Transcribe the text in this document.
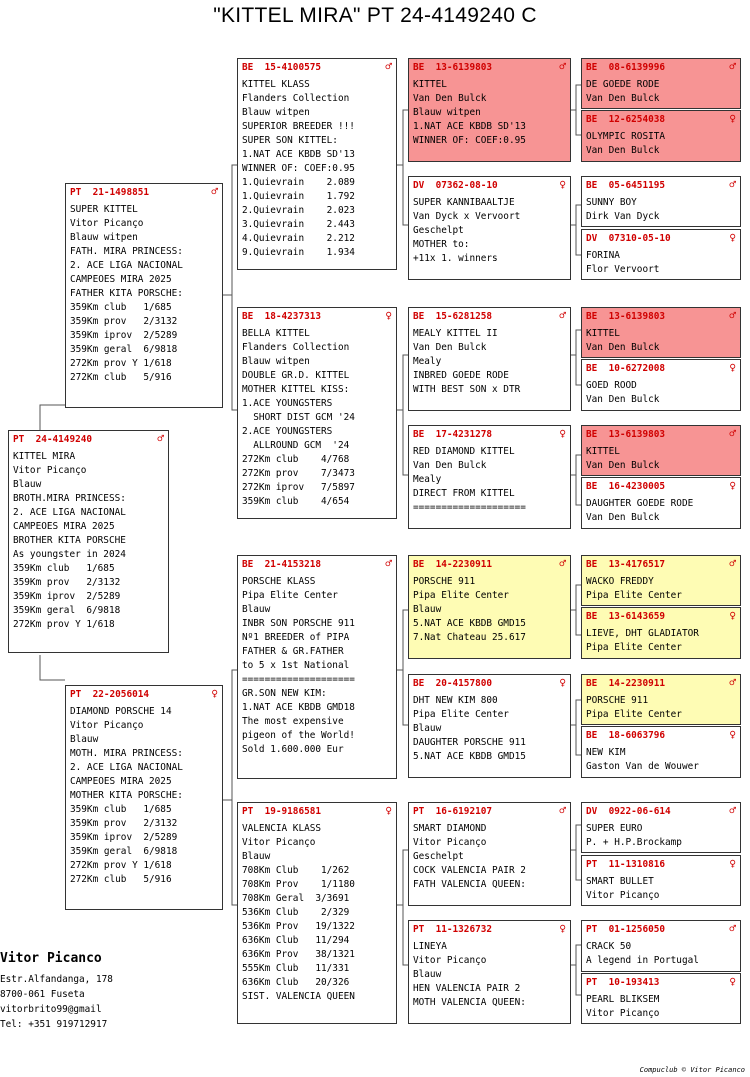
"KITTEL MIRA" PT 24-4149240 C
PT  24-4149240	♂
KITTEL MIRA
Vitor Picanço
Blauw
BROTH.MIRA PRINCESS:
2. ACE LIGA NACIONAL
CAMPEOES MIRA 2025
BROTHER KITA PORSCHE
As youngster in 2024
359Km club   1/685
359Km prov   2/3132
359Km iprov  2/5289
359Km geral  6/9818
272Km prov Y 1/618
PT  21-1498851	♂
SUPER KITTEL
Vitor Picanço
Blauw witpen
FATH. MIRA PRINCESS:
2. ACE LIGA NACIONAL
CAMPEOES MIRA 2025
FATHER KITA PORSCHE:
359Km club   1/685
359Km prov   2/3132
359Km iprov  2/5289
359Km geral  6/9818
272Km prov Y 1/618
272Km club   5/916
PT  22-2056014	♀
DIAMOND PORSCHE 14
Vitor Picanço
Blauw
MOTH. MIRA PRINCESS:
2. ACE LIGA NACIONAL
CAMPEOES MIRA 2025
MOTHER KITA PORSCHE:
359Km club   1/685
359Km prov   2/3132
359Km iprov  2/5289
359Km geral  6/9818
272Km prov Y 1/618
272Km club   5/916
BE  15-4100575	♂
KITTEL KLASS
Flanders Collection
Blauw witpen
SUPERIOR BREEDER !!!
SUPER SON KITTEL:
1.NAT ACE KBDB SD'13
WINNER OF: COEF:0.95
1.Quievrain    2.089
1.Quievrain    1.792
2.Quievrain    2.023
3.Quievrain    2.443
4.Quievrain    2.212
9.Quievrain    1.934
BE  18-4237313	♀
BELLA KITTEL
Flanders Collection
Blauw witpen
DOUBLE GR.D. KITTEL
MOTHER KITTEL KISS:
1.ACE YOUNGSTERS
SHORT DIST GCM '24
2.ACE YOUNGSTERS
ALLROUND GCM  '24
272Km club    4/768
272Km prov    7/3473
272Km iprov   7/5897
359Km club    4/654
BE  21-4153218	♂
PORSCHE KLASS
Pipa Elite Center
Blauw
INBR SON PORSCHE 911
Nº1 BREEDER of PIPA
FATHER & GR.FATHER
to 5 x 1st National
====================
GR.SON NEW KIM:
1.NAT ACE KBDB GMD18
The most expensive
pigeon of the World!
Sold 1.600.000 Eur
PT  19-9186581	♀
VALENCIA KLASS
Vitor Picanço
Blauw
708Km Club    1/262
708Km Prov    1/1180
708Km Geral  3/3691
536Km Club    2/329
536Km Prov   19/1322
636Km Club   11/294
636Km Prov   38/1321
555Km Club   11/331
636Km Club   20/326
SIST. VALENCIA QUEEN
BE  13-6139803	♂
KITTEL
Van Den Bulck
Blauw witpen
1.NAT ACE KBDB SD'13
WINNER OF: COEF:0.95
DV  07362-08-10	♀
SUPER KANNIBAALTJE
Van Dyck x Vervoort
Geschelpt
MOTHER to:
+11x 1. winners
BE  15-6281258	♂
MEALY KITTEL II
Van Den Bulck
Mealy
INBRED GOEDE RODE
WITH BEST SON x DTR
BE  17-4231278	♀
RED DIAMOND KITTEL
Van Den Bulck
Mealy
DIRECT FROM KITTEL
====================
BE  14-2230911	♂
PORSCHE 911
Pipa Elite Center
Blauw
5.NAT ACE KBDB GMD15
7.Nat Chateau 25.617
BE  20-4157800	♀
DHT NEW KIM 800
Pipa Elite Center
Blauw
DAUGHTER PORSCHE 911
5.NAT ACE KBDB GMD15
PT  16-6192107	♂
SMART DIAMOND
Vitor Picanço
Geschelpt
COCK VALENCIA PAIR 2
FATH VALENCIA QUEEN:
PT  11-1326732	♀
LINEYA
Vitor Picanço
Blauw
HEN VALENCIA PAIR 2
MOTH VALENCIA QUEEN:
BE  08-6139996	♂
DE GOEDE RODE
Van Den Bulck
BE  12-6254038	♀
OLYMPIC ROSITA
Van Den Bulck
BE  05-6451195	♂
SUNNY BOY
Dirk Van Dyck
DV  07310-05-10	♀
FORINA
Flor Vervoort
BE  13-6139803	♂
KITTEL
Van Den Bulck
BE  10-6272008	♀
GOED ROOD
Van Den Bulck
BE  13-6139803	♂
KITTEL
Van Den Bulck
BE  16-4230005	♀
DAUGHTER GOEDE RODE
Van Den Bulck
BE  13-4176517	♂
WACKO FREDDY
Pipa Elite Center
BE  13-6143659	♀
LIEVE, DHT GLADIATOR
Pipa Elite Center
BE  14-2230911	♂
PORSCHE 911
Pipa Elite Center
BE  18-6063796	♀
NEW KIM
Gaston Van de Wouwer
DV  0922-06-614	♂
SUPER EURO
P. + H.P.Brockamp
PT  11-1310816	♀
SMART BULLET
Vitor Picanço
PT  01-1256050	♂
CRACK 50
A legend in Portugal
PT  10-193413	♀
PEARL BLIKSEM
Vitor Picanço
Vitor Picanco
Estr.Alfandanga, 178
8700-061 Fuseta
vitorbrito99@gmail
Tel: +351 919712917
Compuclub © Vitor Picanco
